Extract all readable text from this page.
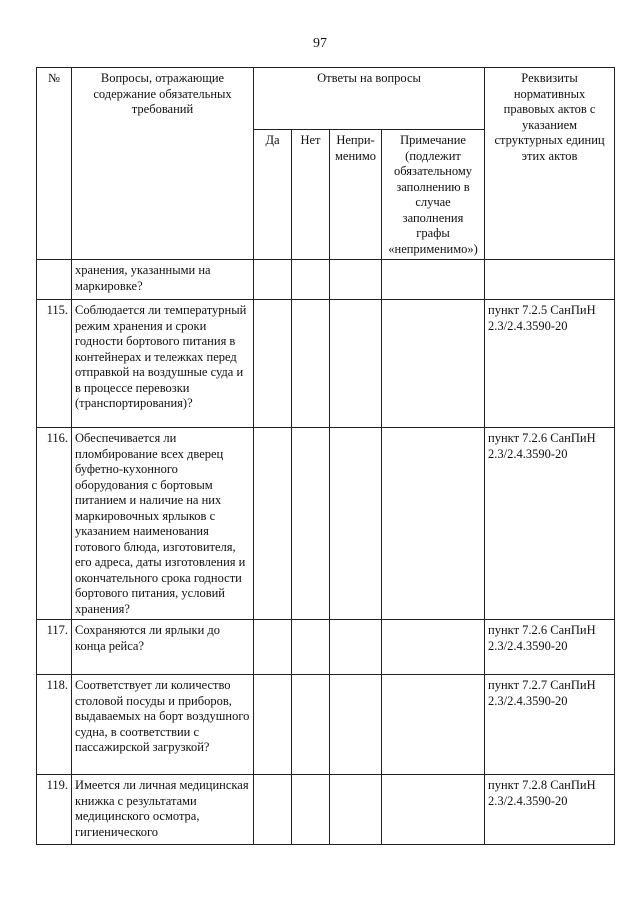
97
№	Вопросы, отражающие содержание обязательных требований	Ответы на вопросы				Реквизиты нормативных правовых актов с указанием структурных единиц этих актов
		Да	Нет	Непри-менимо	Примечание (подлежит обязательному заполнению в случае заполнения графы «неприменимо»)	
	хранения, указанными на маркировке?					
115.	Соблюдается ли температурный режим хранения и сроки годности бортового питания в контейнерах и тележках перед отправкой на воздушные суда и в процессе перевозки (транспортирования)?					пункт 7.2.5 СанПиН 2.3/2.4.3590-20
116.	Обеспечивается ли пломбирование всех дверец буфетно-кухонного оборудования с бортовым питанием и наличие на них маркировочных ярлыков с указанием наименования готового блюда, изготовителя, его адреса, даты изготовления и окончательного срока годности бортового питания, условий хранения?					пункт 7.2.6 СанПиН 2.3/2.4.3590-20
117.	Сохраняются ли ярлыки до конца рейса?					пункт 7.2.6 СанПиН 2.3/2.4.3590-20
118.	Соответствует ли количество столовой посуды и приборов, выдаваемых на борт воздушного судна, в соответствии с пассажирской загрузкой?					пункт 7.2.7 СанПиН 2.3/2.4.3590-20
119.	Имеется ли личная медицинская книжка с результатами медицинского осмотра, гигиенического					пункт 7.2.8 СанПиН 2.3/2.4.3590-20
